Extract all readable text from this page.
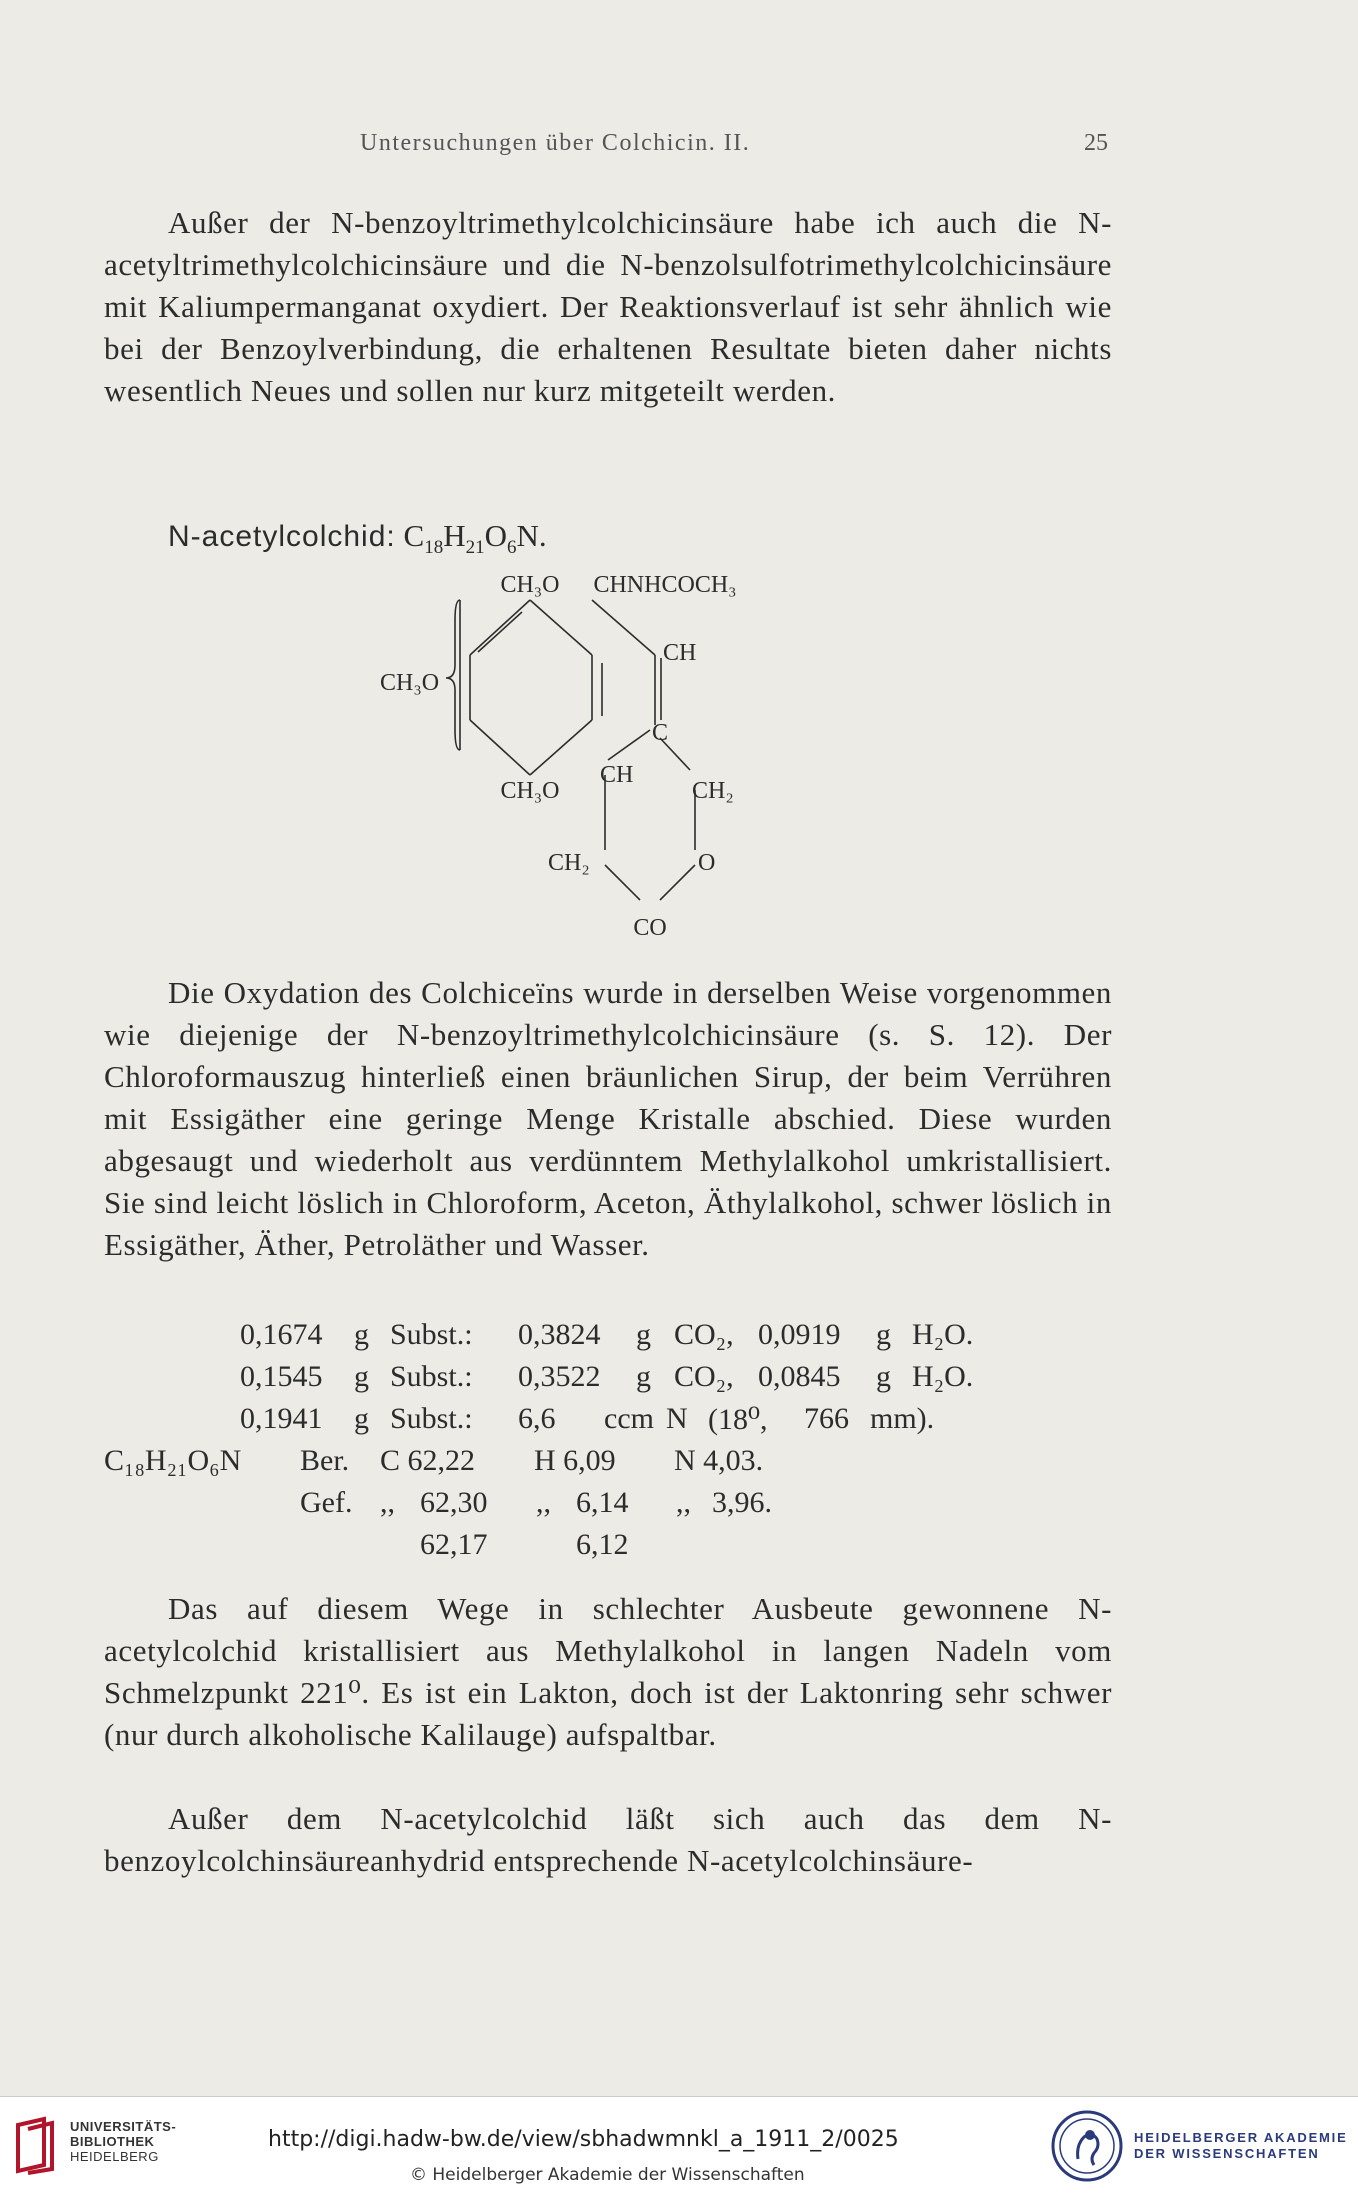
Untersuchungen über Colchicin. II.	25

Außer der N-benzoyltrimethylcolchicinsäure habe ich auch die N-acetyltrimethylcolchicinsäure und die N-benzolsulfotrimethylcolchicinsäure mit Kaliumpermanganat oxydiert. Der Reaktionsverlauf ist sehr ähnlich wie bei der Benzoylverbindung, die erhaltenen Resultate bieten daher nichts wesentlich Neues und sollen nur kurz mitgeteilt werden.

N-acetylcolchid: $C_{18}H_{21}O_6N$.
CH₃O CHNHCOCH₃
CH₃O
CH
C
CH
CH₃O	CH₂
CH₂	O
CO

Die Oxydation des Colchiceïns wurde in derselben Weise vorgenommen wie diejenige der N-benzoyltrimethylcolchicinsäure (s. S. 12). Der Chloroformauszug hinterließ einen bräunlichen Sirup, der beim Verrühren mit Essigäther eine geringe Menge Kristalle abschied. Diese wurden abgesaugt und wiederholt aus verdünntem Methylalkohol umkristallisiert. Sie sind leicht löslich in Chloroform, Aceton, Äthylalkohol, schwer löslich in Essigäther, Äther, Petroläther und Wasser.

0,1674 g Subst.: 0,3824 g CO₂, 0,0919 g H₂O.
0,1545 g Subst.: 0,3522 g CO₂, 0,0845 g H₂O.
0,1941 g Subst.: 6,6 ccm N (18⁰, 766 mm).
C₁₈H₂₁O₆N Ber. C 62,22 H 6,09 N 4,03.
Gef. ,, 62,30 ,, 6,14 ,, 3,96.
62,17	6,12

Das auf diesem Wege in schlechter Ausbeute gewonnene N-acetylcolchid kristallisiert aus Methylalkohol in langen Nadeln vom Schmelzpunkt 221⁰. Es ist ein Lakton, doch ist der Laktonring sehr schwer (nur durch alkoholische Kalilauge) aufspaltbar.

Außer dem N-acetylcolchid läßt sich auch das dem N-benzoylcolchinsäureanhydrid entsprechende N-acetylcolchinsäure-

UNIVERSITÄTS-
BIBLIOTHEK
HEIDELBERG
http://digi.hadw-bw.de/view/sbhadwmnkl_a_1911_2/0025
© Heidelberger Akademie der Wissenschaften
HEIDELBERGER AKADEMIE
DER WISSENSCHAFTEN
